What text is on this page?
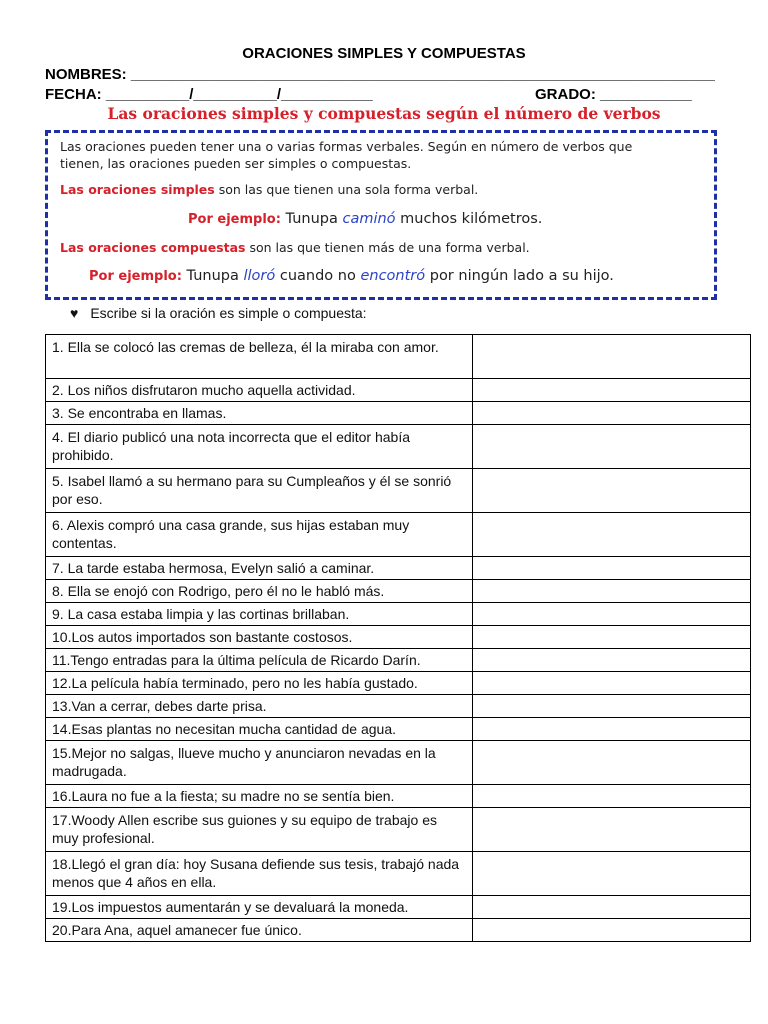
ORACIONES SIMPLES Y COMPUESTAS
NOMBRES: ______________________________________________________________________
FECHA: __________/__________/___________	GRADO: ___________
Las oraciones simples y compuestas según el número de verbos
Las oraciones pueden tener una o varias formas verbales. Según en número de verbos que
tienen, las oraciones pueden ser simples o compuestas.
Las oraciones simples son las que tienen una sola forma verbal.
Por ejemplo: Tunupa caminó muchos kilómetros.
Las oraciones compuestas son las que tienen más de una forma verbal.
Por ejemplo: Tunupa lloró cuando no encontró por ningún lado a su hijo.
♥ Escribe si la oración es simple o compuesta:
1. Ella se colocó las cremas de belleza, él la miraba con amor.	
2. Los niños disfrutaron mucho aquella actividad.	
3. Se encontraba en llamas.	
4. El diario publicó una nota incorrecta que el editor había prohibido.	
5. Isabel llamó a su hermano para su Cumpleaños y él se sonrió por eso.	
6. Alexis compró una casa grande, sus hijas estaban muy contentas.	
7. La tarde estaba hermosa, Evelyn salió a caminar.	
8. Ella se enojó con Rodrigo, pero él no le habló más.	
9. La casa estaba limpia y las cortinas brillaban.	
10.Los autos importados son bastante costosos.	
11.Tengo entradas para la última película de Ricardo Darín.	
12.La película había terminado, pero no les había gustado.	
13.Van a cerrar, debes darte prisa.	
14.Esas plantas no necesitan mucha cantidad de agua.	
15.Mejor no salgas, llueve mucho y anunciaron nevadas en la madrugada.	
16.Laura no fue a la fiesta; su madre no se sentía bien.	
17.Woody Allen escribe sus guiones y su equipo de trabajo es muy profesional.	
18.Llegó el gran día: hoy Susana defiende sus tesis, trabajó nada menos que 4 años en ella.	
19.Los impuestos aumentarán y se devaluará la moneda.	
20.Para Ana, aquel amanecer fue único.	
